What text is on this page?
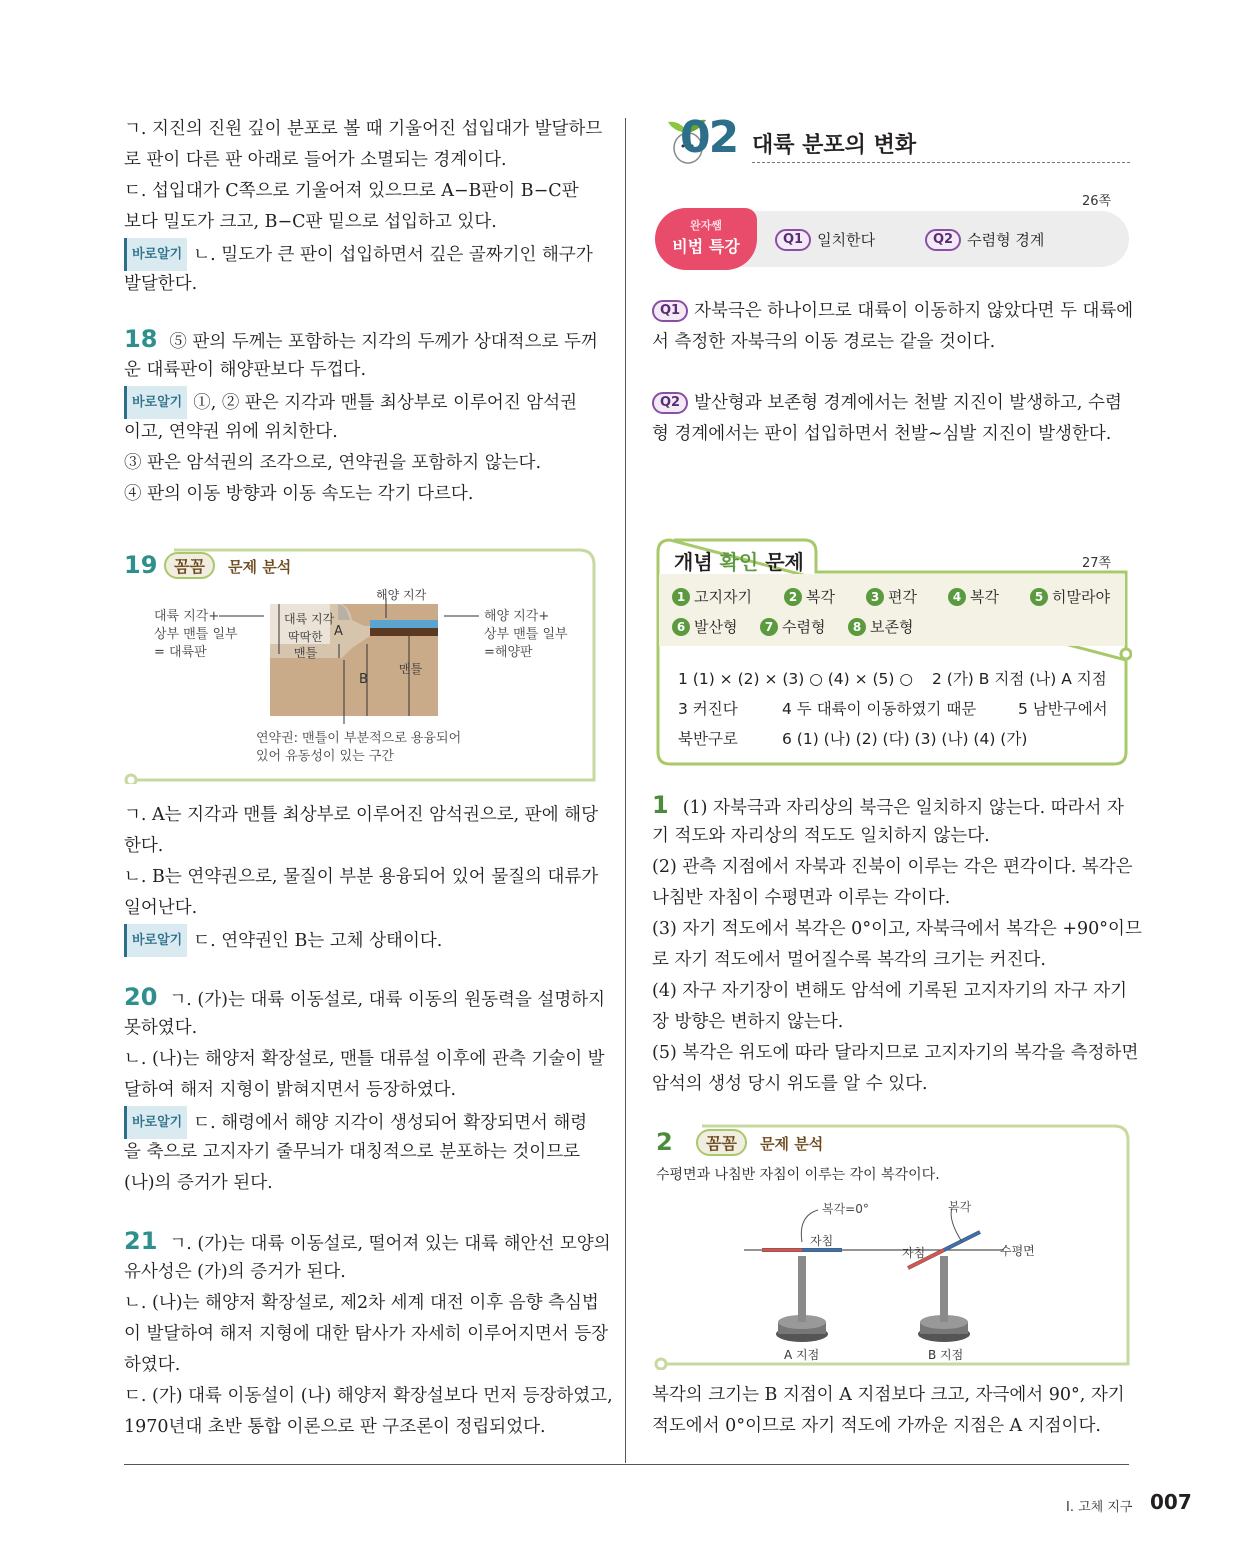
ㄱ. 지진의 진원 깊이 분포로 볼 때 기울어진 섭입대가 발달하므
로 판이 다른 판 아래로 들어가 소멸되는 경계이다.
ㄷ. 섭입대가 C쪽으로 기울어져 있으므로 A−B판이 B−C판
보다 밀도가 크고, B−C판 밑으로 섭입하고 있다.
바로알기 ㄴ. 밀도가 큰 판이 섭입하면서 깊은 골짜기인 해구가
발달한다.
18 ⑤ 판의 두께는 포함하는 지각의 두께가 상대적으로 두꺼
운 대륙판이 해양판보다 두껍다.
바로알기 ①, ② 판은 지각과 맨틀 최상부로 이루어진 암석권
이고, 연약권 위에 위치한다.
③ 판은 암석권의 조각으로, 연약권을 포함하지 않는다.
④ 판의 이동 방향과 이동 속도는 각기 다르다.
19	꼼꼼	문제 분석
대륙 지각+
상부 맨틀 일부
= 대륙판
해양 지각+
상부 맨틀 일부
=해양판
해양 지각
대륙 지각
딱딱한
맨틀
A
맨틀
B
연약권: 맨틀이 부분적으로 용융되어
있어 유동성이 있는 구간
ㄱ. A는 지각과 맨틀 최상부로 이루어진 암석권으로, 판에 해당
한다.
ㄴ. B는 연약권으로, 물질이 부분 용융되어 있어 물질의 대류가
일어난다.
바로알기 ㄷ. 연약권인 B는 고체 상태이다.
20 ㄱ. (가)는 대륙 이동설로, 대륙 이동의 원동력을 설명하지
못하였다.
ㄴ. (나)는 해양저 확장설로, 맨틀 대류설 이후에 관측 기술이 발
달하여 해저 지형이 밝혀지면서 등장하였다.
바로알기 ㄷ. 해령에서 해양 지각이 생성되어 확장되면서 해령
을 축으로 고지자기 줄무늬가 대칭적으로 분포하는 것이므로
(나)의 증거가 된다.
21 ㄱ. (가)는 대륙 이동설로, 떨어져 있는 대륙 해안선 모양의
유사성은 (가)의 증거가 된다.
ㄴ. (나)는 해양저 확장설로, 제2차 세계 대전 이후 음향 측심법
이 발달하여 해저 지형에 대한 탐사가 자세히 이루어지면서 등장
하였다.
ㄷ. (가) 대륙 이동설이 (나) 해양저 확장설보다 먼저 등장하였고,
1970년대 초반 통합 이론으로 판 구조론이 정립되었다.
02 대륙 분포의 변화
26쪽
완자쌤
비법 특강	Q1 일치한다	Q2 수렴형 경계
Q1 자북극은 하나이므로 대륙이 이동하지 않았다면 두 대륙에
서 측정한 자북극의 이동 경로는 같을 것이다.
Q2 발산형과 보존형 경계에서는 천발 지진이 발생하고, 수렴
형 경계에서는 판이 섭입하면서 천발∼심발 지진이 발생한다.
개념 확인 문제	27쪽
1 고지자기	2 복각	3 편각	4 복각	5 히말라야
6 발산형	7 수렴형	8 보존형
1 (1) × (2) × (3) ○ (4) × (5) ○ 2 (가) B 지점 (나) A 지점
3 커진다	4 두 대륙이 이동하였기 때문	5 남반구에서
북반구로	6 (1) (나) (2) (다) (3) (나) (4) (가)
1 (1) 자북극과 자리상의 북극은 일치하지 않는다. 따라서 자
기 적도와 자리상의 적도도 일치하지 않는다.
(2) 관측 지점에서 자북과 진북이 이루는 각은 편각이다. 복각은
나침반 자침이 수평면과 이루는 각이다.
(3) 자기 적도에서 복각은 0°이고, 자북극에서 복각은 +90°이므
로 자기 적도에서 멀어질수록 복각의 크기는 커진다.
(4) 자구 자기장이 변해도 암석에 기록된 고지자기의 자구 자기
장 방향은 변하지 않는다.
(5) 복각은 위도에 따라 달라지므로 고지자기의 복각을 측정하면
암석의 생성 당시 위도를 알 수 있다.
2	꼼꼼	문제 분석
수평면과 나침반 자침이 이루는 각이 복각이다.
복각=0°	복각
자침
자침	수평면
A 지점	B 지점
복각의 크기는 B 지점이 A 지점보다 크고, 자극에서 90°, 자기
적도에서 0°이므로 자기 적도에 가까운 지점은 A 지점이다.
I. 고체 지구 007
